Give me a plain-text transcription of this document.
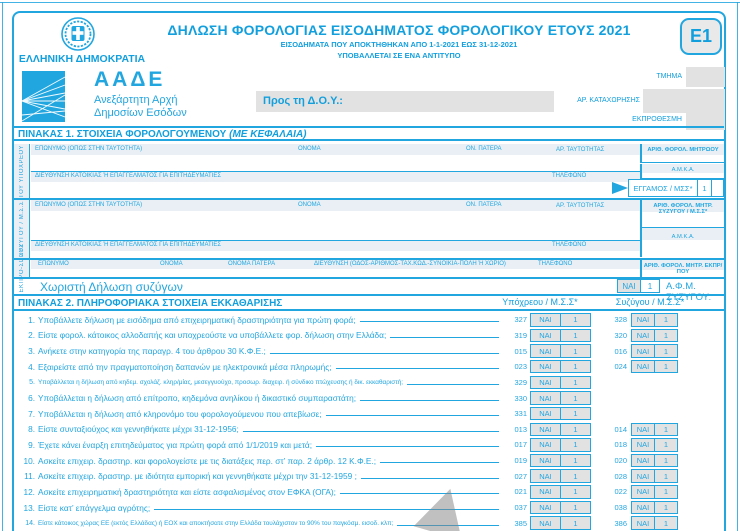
ΕΛΛΗΝΙΚΗ ΔΗΜΟΚΡΑΤΙΑ
ΔΗΛΩΣΗ ΦΟΡΟΛΟΓΙΑΣ ΕΙΣΟΔΗΜΑΤΟΣ ΦΟΡΟΛΟΓΙΚΟΥ ΕΤΟΥΣ 2021
ΕΙΣΟΔΗΜΑΤΑ ΠΟΥ ΑΠΟΚΤΗΘΗΚΑΝ ΑΠΟ 1-1-2021 ΕΩΣ 31-12-2021
ΥΠΟΒΑΛΛΕΤΑΙ ΣΕ ΕΝΑ ΑΝΤΙΤΥΠΟ
Ε1
ΑΑΔΕ
Ανεξάρτητη Αρχή
Δημοσίων Εσόδων
Προς τη Δ.Ο.Υ.:
ΤΜΗΜΑ
ΑΡ. ΚΑΤΑΧΩΡΗΣΗΣ
ΕΚΠΡΟΘΕΣΜΗ
ΠΙΝΑΚΑΣ 1. ΣΤΟΙΧΕΙΑ ΦΟΡΟΛΟΓΟΥΜΕΝΟΥ (ΜΕ ΚΕΦΑΛΑΙΑ)
ΤΟΥ ΥΠΟΧΡΕΟΥ
ΣΥΖΥΓΟΥ / Μ.Σ.Σ
ΕΚΠΡΟ-ΣΩΠΟΥ
ΕΠΩΝΥΜΟ (ΟΠΩΣ ΣΤΗΝ ΤΑΥΤΟΤΗΤΑ)	ΟΝΟΜΑ	ΟΝ. ΠΑΤΕΡΑ	ΑΡ. ΤΑΥΤΟΤΗΤΑΣ
ΔΙΕΥΘΥΝΣΗ ΚΑΤΟΙΚΙΑΣ Ή ΕΠΑΓΓΕΛΜΑΤΟΣ ΓΙΑ ΕΠΙΤΗΔΕΥΜΑΤΙΕΣ	ΤΗΛΕΦΩΝΟ
ΑΡΙΘ. ΦΟΡΟΛ. ΜΗΤΡΩΟΥ
Α.Μ.Κ.Α.
ΕΓΓΑΜΟΣ / ΜΣΣ*	1
ΕΠΩΝΥΜΟ (ΟΠΩΣ ΣΤΗΝ ΤΑΥΤΟΤΗΤΑ)	ΟΝΟΜΑ	ΟΝ. ΠΑΤΕΡΑ	ΑΡ. ΤΑΥΤΟΤΗΤΑΣ
ΔΙΕΥΘΥΝΣΗ ΚΑΤΟΙΚΙΑΣ Ή ΕΠΑΓΓΕΛΜΑΤΟΣ ΓΙΑ ΕΠΙΤΗΔΕΥΜΑΤΙΕΣ	ΤΗΛΕΦΩΝΟ
ΑΡΙΘ. ΦΟΡΟΛ. ΜΗΤΡ. ΣΥΖΥΓΟΥ / Μ.Σ.Σ*
Α.Μ.Κ.Α.
ΕΠΩΝΥΜΟ	ΟΝΟΜΑ	ΟΝΟΜΑ ΠΑΤΕΡΑ	ΔΙΕΥΘΥΝΣΗ (ΟΔΟΣ-ΑΡΙΘΜΟΣ-ΤΑΧ.ΚΩΔ.-ΣΥΝΟΙΚΙΑ-ΠΟΛΗ Ή ΧΩΡΙΟ)	ΤΗΛΕΦΩΝΟ	ΑΡΙΘ. ΦΟΡΟΛ. ΜΗΤΡ. ΕΚΠΡ/ΠΟΥ
Χωριστή Δήλωση συζύγων	ΝΑΙ	1	Α.Φ.Μ. ΣΥΖΥΓΟΥ:
ΠΙΝΑΚΑΣ 2. ΠΛΗΡΟΦΟΡΙΑΚΑ ΣΤΟΙΧΕΙΑ ΕΚΚΑΘΑΡΙΣΗΣ	Υπόχρεου / Μ.Σ.Σ*	Συζύγου / Μ.Σ.Σ*
1. Υποβάλλετε δήλωση με εισόδημα από επιχειρηματική δραστηριότητα για πρώτη φορά;	327	ΝΑΙ	1	328	ΝΑΙ	1
2. Είστε φορολ. κάτοικος αλλοδαπής και υποχρεούστε να υποβάλλετε φορ. δήλωση στην Ελλάδα;	319	ΝΑΙ	1	320	ΝΑΙ	1
3. Ανήκετε στην κατηγορία της παραγρ. 4 του άρθρου 30 Κ.Φ.Ε.;	015	ΝΑΙ	1	016	ΝΑΙ	1
4. Εξαιρείστε από την πραγματοποίηση δαπανών με ηλεκτρονικά μέσα πληρωμής;	023	ΝΑΙ	1	024	ΝΑΙ	1
5. Υποβάλλεται η δήλωση από κηδεμ. σχολάζ. κληρ/μίας, μεσεγγυούχο, προσωρ. διαχειρ. ή σύνδικο πτώχευσης ή δικ. εκκαθαριστή;	329	ΝΑΙ	1
6. Υποβάλλεται η δήλωση από επίτροπο, κηδεμόνα ανηλίκου ή δικαστικό συμπαραστάτη;	330	ΝΑΙ	1
7. Υποβάλλεται η δήλωση από κληρονόμο του φορολογούμενου που απεβίωσε;	331	ΝΑΙ	1
8. Είστε συνταξιούχος και γεννηθήκατε μέχρι 31-12-1956;	013	ΝΑΙ	1	014	ΝΑΙ	1
9. Έχετε κάνει έναρξη επιτηδεύματος για πρώτη φορά από 1/1/2019 και μετά;	017	ΝΑΙ	1	018	ΝΑΙ	1
10. Ασκείτε επιχειρ. δραστηρ. και φορολογείστε με τις διατάξεις περ. στ’ παρ. 2 άρθρ. 12 Κ.Φ.Ε.;	019	ΝΑΙ	1	020	ΝΑΙ	1
11. Ασκείτε επιχειρ. δραστηρ. με ιδιότητα εμπορική και γεννηθήκατε μέχρι την 31-12-1959 ;	027	ΝΑΙ	1	028	ΝΑΙ	1
12. Ασκείτε επιχειρηματική δραστηριότητα και είστε ασφαλισμένος στον ΕΦΚΑ (ΟΓΑ);	021	ΝΑΙ	1	022	ΝΑΙ	1
13. Είστε κατ’ επάγγελμα αγρότης;	037	ΝΑΙ	1	038	ΝΑΙ	1
14. Είστε κάτοικος χώρας ΕΕ (εκτός Ελλάδας) ή ΕΟΧ και αποκτήσατε στην Ελλάδα τουλάχιστον το 90% του παγκόσμ. εισοδ. κλπ;	385	ΝΑΙ	1	386	ΝΑΙ	1
